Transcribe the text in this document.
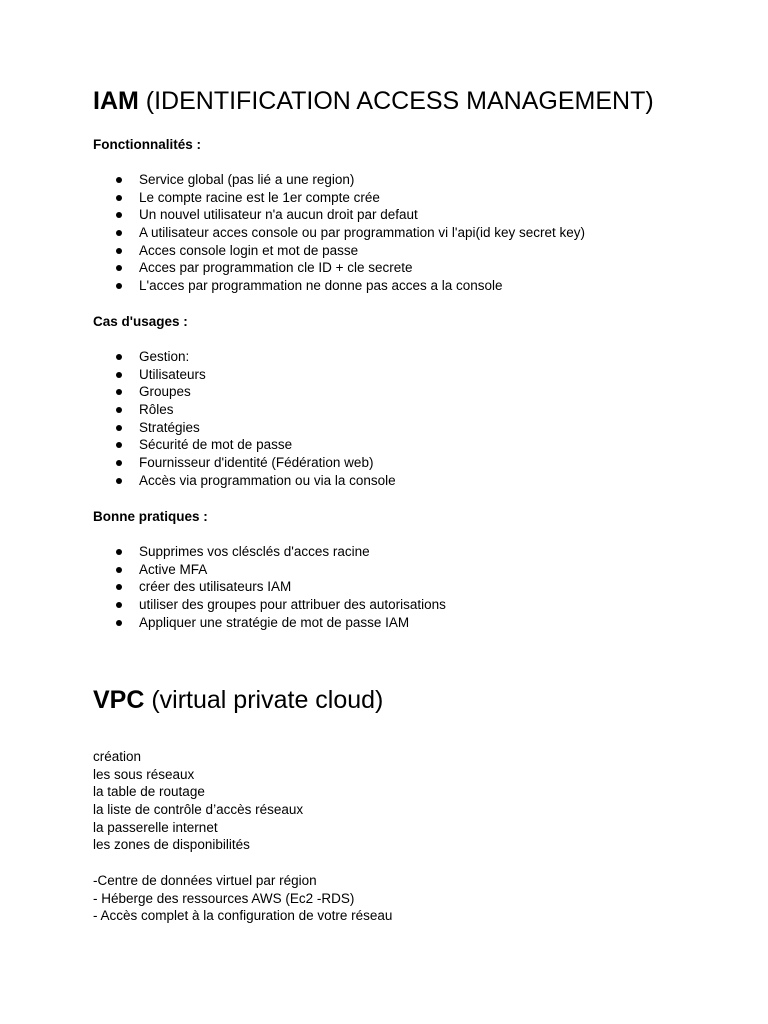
IAM (IDENTIFICATION ACCESS MANAGEMENT)
Fonctionnalités :
Service global (pas lié a une region)
Le compte racine est le 1er compte crée
Un nouvel utilisateur n'a aucun droit par defaut
A utilisateur acces console ou par programmation vi l'api(id key secret key)
Acces console login et mot de passe
Acces par programmation cle ID + cle secrete
L'acces par programmation ne donne pas acces a la console
Cas d'usages :
Gestion:
Utilisateurs
Groupes
Rôles
Stratégies
Sécurité de mot de passe
Fournisseur d'identité (Fédération web)
Accès via programmation ou via la console
Bonne pratiques :
Supprimes vos clésclés d'acces racine
Active MFA
créer des utilisateurs IAM
utiliser des groupes pour attribuer des autorisations
Appliquer une stratégie de mot de passe IAM
VPC (virtual private cloud)
création
les sous réseaux
la table de routage
la liste de contrôle d’accès réseaux
la passerelle internet
les zones de disponibilités
-Centre de données virtuel par région
- Héberge des ressources AWS (Ec2 -RDS)
- Accès complet à la configuration de votre réseau
